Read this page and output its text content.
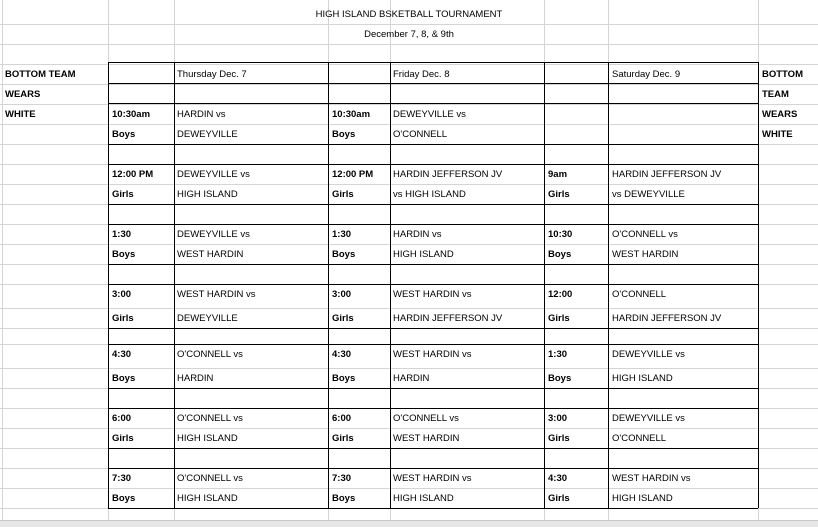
HIGH ISLAND BSKETBALL TOURNAMENT
December 7, 8, & 9th
BOTTOM TEAM
WEARS
WHITE
BOTTOM
TEAM
WEARS
WHITE
Thursday Dec. 7	Friday Dec. 8	Saturday Dec. 9
10:30am
Boys
HARDIN vs
DEWEYVILLE
10:30am
Boys
DEWEYVILLE vs
O'CONNELL
12:00 PM
Girls
DEWEYVILLE vs
HIGH ISLAND
12:00 PM
Girls
HARDIN JEFFERSON JV
vs HIGH ISLAND
9am
Girls
HARDIN JEFFERSON JV
vs DEWEYVILLE
1:30
Boys
DEWEYVILLE vs
WEST HARDIN
1:30
Boys
HARDIN vs
HIGH ISLAND
10:30
Boys
O'CONNELL vs
WEST HARDIN
3:00
Girls
WEST HARDIN vs
DEWEYVILLE
3:00
Girls
WEST HARDIN vs
HARDIN JEFFERSON JV
12:00
Girls
O'CONNELL
HARDIN JEFFERSON JV
4:30
Boys
O'CONNELL vs
HARDIN
4:30
Boys
WEST HARDIN vs
HARDIN
1:30
Boys
DEWEYVILLE vs
HIGH ISLAND
6:00
Girls
O'CONNELL vs
HIGH ISLAND
6:00
Girls
O'CONNELL vs
WEST HARDIN
3:00
Girls
DEWEYVILLE vs
O'CONNELL
7:30
Boys
O'CONNELL vs
HIGH ISLAND
7:30
Boys
WEST HARDIN vs
HIGH ISLAND
4:30
Girls
WEST HARDIN vs
HIGH ISLAND
